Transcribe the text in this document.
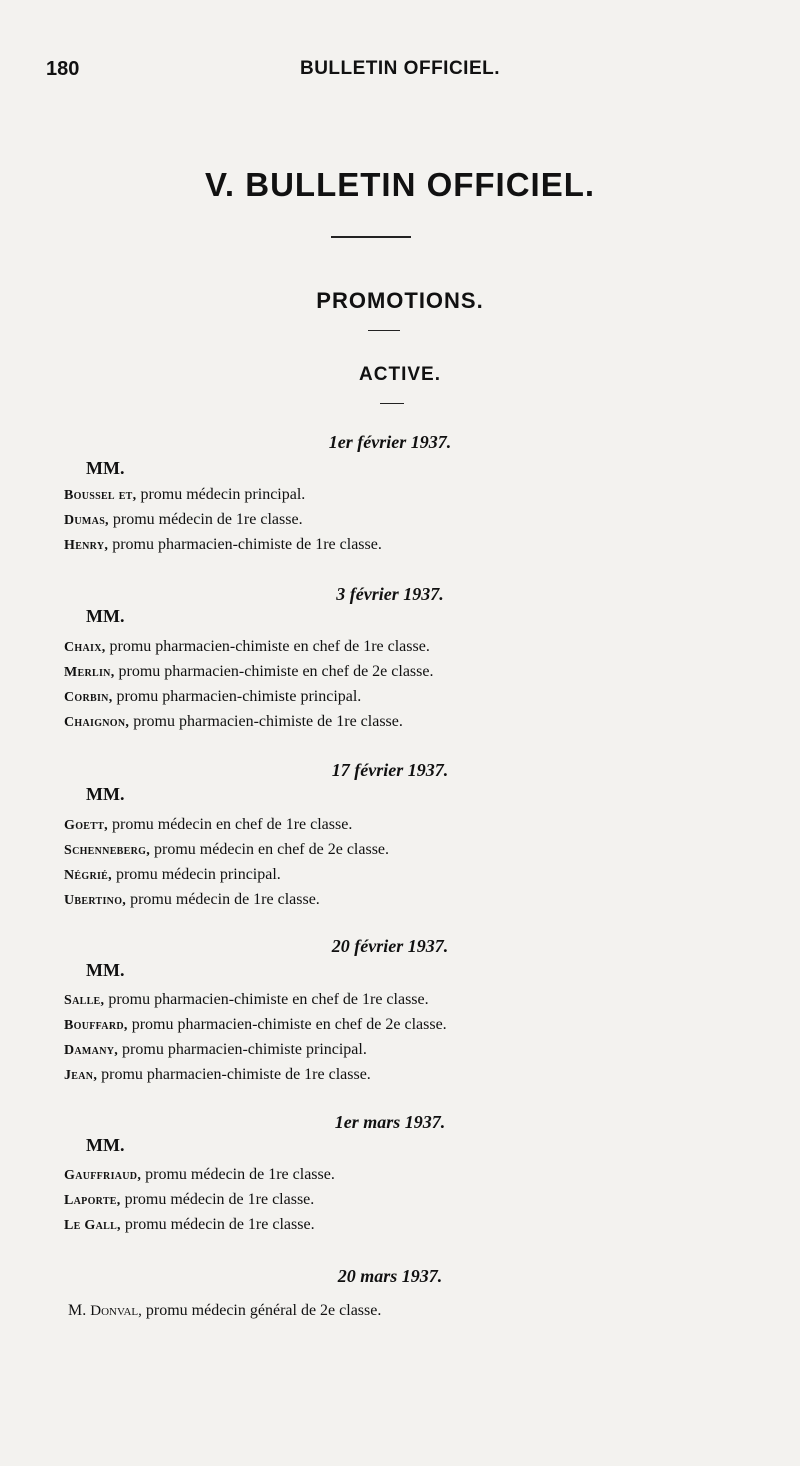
180	BULLETIN OFFICIEL.
V. BULLETIN OFFICIEL.
PROMOTIONS.
ACTIVE.
1er février 1937.
MM.
Boussel et, promu médecin principal.
Dumas, promu médecin de 1re classe.
Henry, promu pharmacien-chimiste de 1re classe.
3 février 1937.
MM.
Chaix, promu pharmacien-chimiste en chef de 1re classe.
Merlin, promu pharmacien-chimiste en chef de 2e classe.
Corbin, promu pharmacien-chimiste principal.
Chaignon, promu pharmacien-chimiste de 1re classe.
17 février 1937.
MM.
Goett, promu médecin en chef de 1re classe.
Schenneberg, promu médecin en chef de 2e classe.
Négrié, promu médecin principal.
Ubertino, promu médecin de 1re classe.
20 février 1937.
MM.
Salle, promu pharmacien-chimiste en chef de 1re classe.
Bouffard, promu pharmacien-chimiste en chef de 2e classe.
Damany, promu pharmacien-chimiste principal.
Jean, promu pharmacien-chimiste de 1re classe.
1er mars 1937.
MM.
Gauffriaud, promu médecin de 1re classe.
Laporte, promu médecin de 1re classe.
Le Gall, promu médecin de 1re classe.
20 mars 1937.
M. Donval, promu médecin général de 2e classe.
